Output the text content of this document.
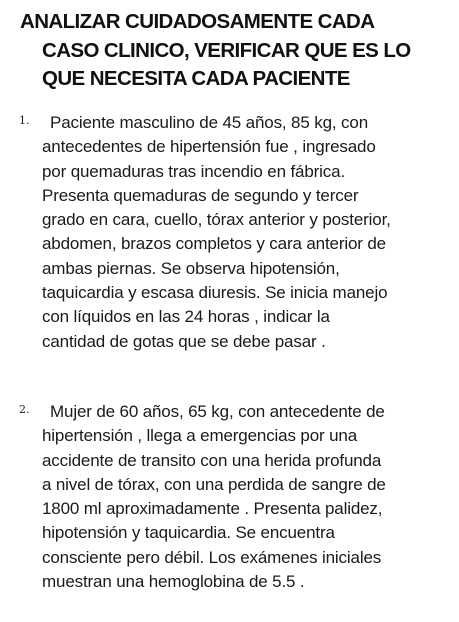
ANALIZAR CUIDADOSAMENTE CADA
CASO CLINICO, VERIFICAR QUE ES LO
QUE NECESITA CADA PACIENTE
1. Paciente masculino de 45 años, 85 kg, con
antecedentes de hipertensión fue , ingresado
por quemaduras tras incendio en fábrica.
Presenta quemaduras de segundo y tercer
grado en cara, cuello, tórax anterior y posterior,
abdomen, brazos completos y cara anterior de
ambas piernas. Se observa hipotensión,
taquicardia y escasa diuresis. Se inicia manejo
con líquidos en las 24 horas , indicar la
cantidad de gotas que se debe pasar .
2. Mujer de 60 años, 65 kg, con antecedente de
hipertensión , llega a emergencias por una
accidente de transito con una herida profunda
a nivel de tórax, con una perdida de sangre de
1800 ml aproximadamente . Presenta palidez,
hipotensión y taquicardia. Se encuentra
consciente pero débil. Los exámenes iniciales
muestran una hemoglobina de 5.5 .
